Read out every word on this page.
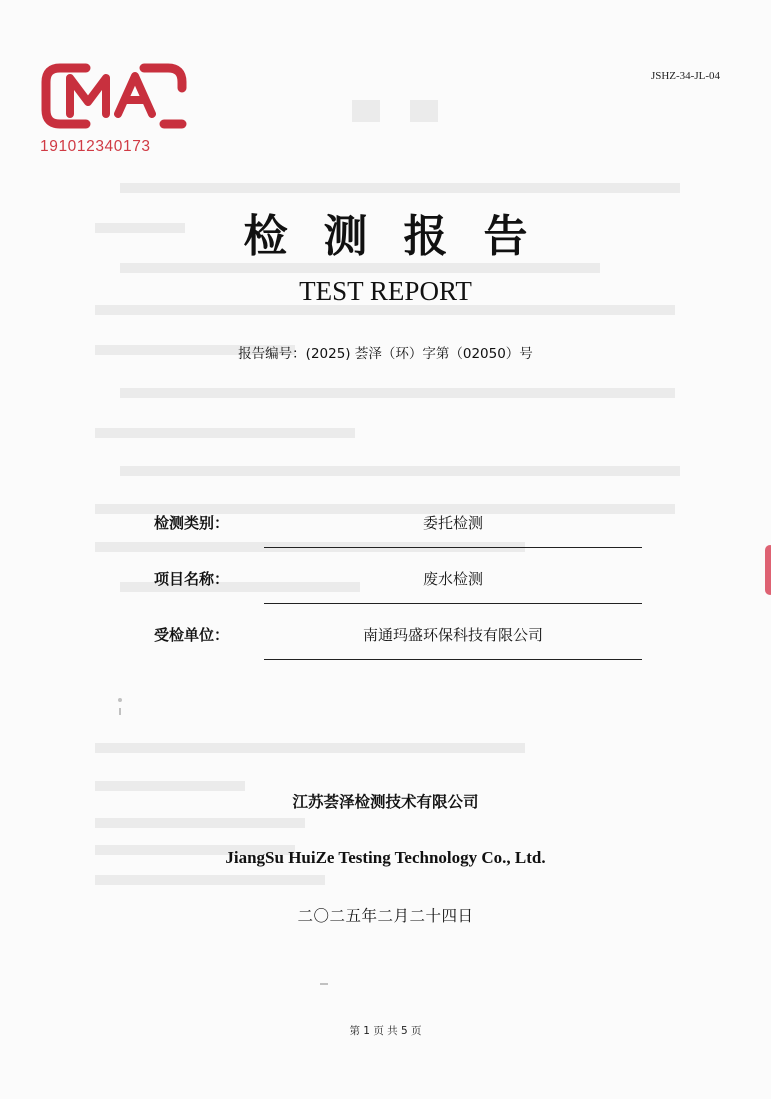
191012340173
JSHZ-34-JL-04
检测报告
TEST REPORT
报告编号：(2025) 荟泽（环）字第（02050）号
检测类别：	委托检测
项目名称：	废水检测
受检单位：	南通玛盛环保科技有限公司
江苏荟泽检测技术有限公司
JiangSu HuiZe Testing Technology Co., Ltd.
二〇二五年二月二十四日
第 1 页 共 5 页
